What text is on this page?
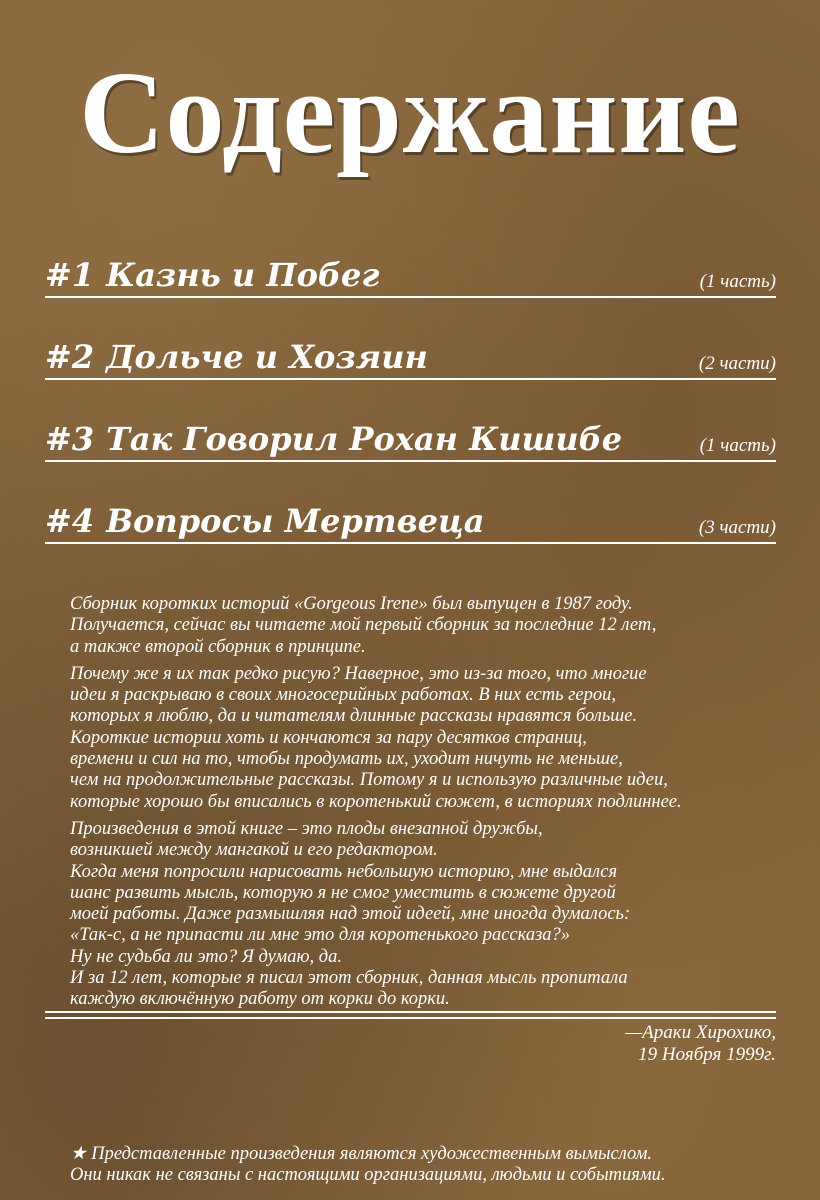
Содержание
#1 Казнь и Побег	(1 часть)
#2 Дольче и Хозяин	(2 части)
#3 Так Говорил Рохан Кишибе	(1 часть)
#4 Вопросы Мертвеца	(3 части)

Сборник коротких историй «Gorgeous Irene» был выпущен в 1987 году.
Получается, сейчас вы читаете мой первый сборник за последние 12 лет,
а также второй сборник в принципе.

Почему же я их так редко рисую? Наверное, это из-за того, что многие
идеи я раскрываю в своих многосерийных работах. В них есть герои,
которых я люблю, да и читателям длинные рассказы нравятся больше.
Короткие истории хоть и кончаются за пару десятков страниц,
времени и сил на то, чтобы продумать их, уходит ничуть не меньше,
чем на продолжительные рассказы. Потому я и использую различные идеи,
которые хорошо бы вписались в коротенький сюжет, в историях подлиннее.

Произведения в этой книге – это плоды внезапной дружбы,
возникшей между мангакой и его редактором.
Когда меня попросили нарисовать небольшую историю, мне выдался
шанс развить мысль, которую я не смог уместить в сюжете другой
моей работы. Даже размышляя над этой идеей, мне иногда думалось:
«Так-с, а не припасти ли мне это для коротенького рассказа?»
Ну не судьба ли это? Я думаю, да.
И за 12 лет, которые я писал этот сборник, данная мысль пропитала
каждую включённую работу от корки до корки.

—Араки Хирохико,
19 Ноября 1999г.
★ Представленные произведения являются художественным вымыслом.
Они никак не связаны с настоящими организациями, людьми и событиями.
